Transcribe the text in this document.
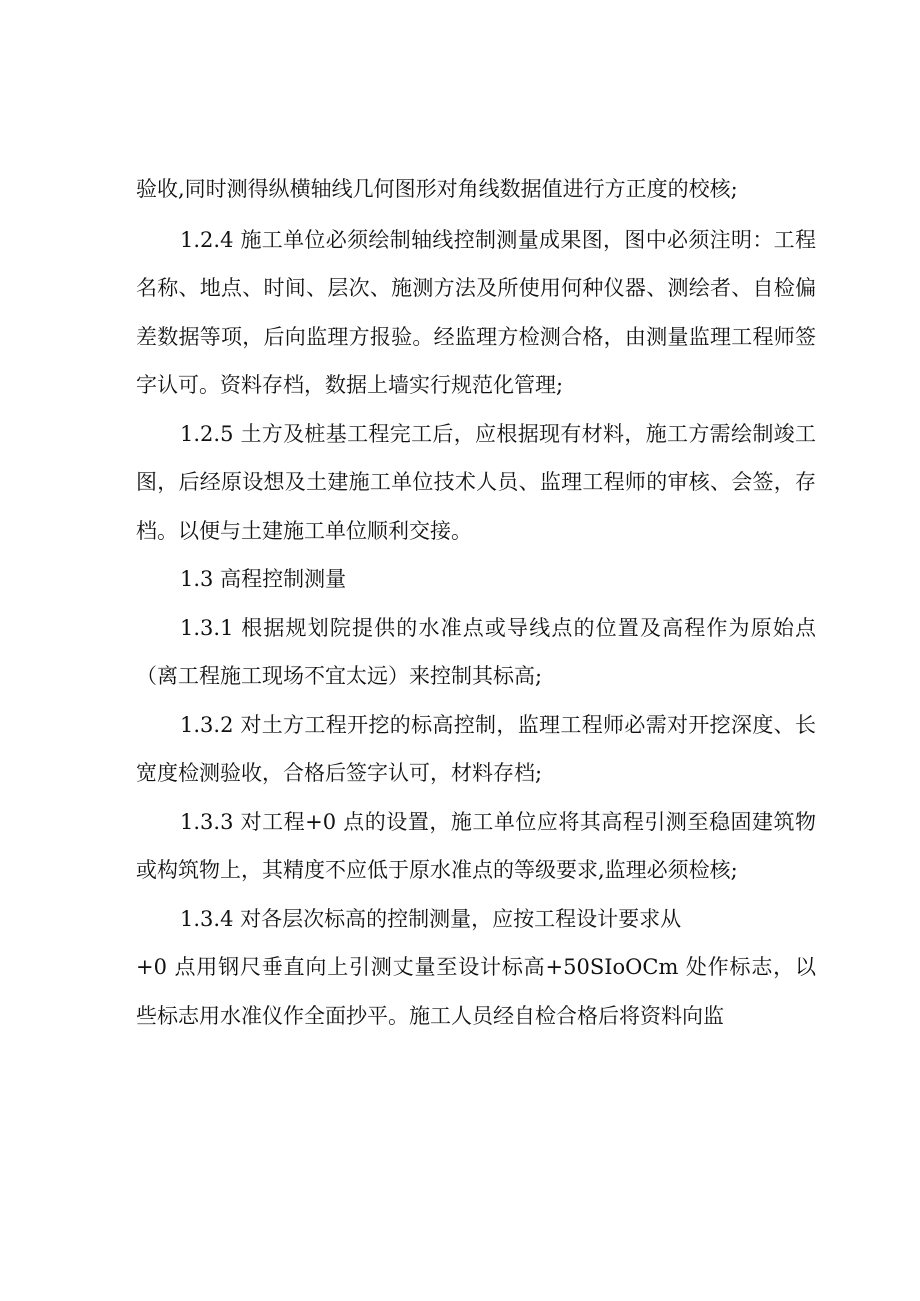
验收,同时测得纵横轴线几何图形对角线数据值进行方正度的校核;

1.2.4 施工单位必须绘制轴线控制测量成果图，图中必须注明：工程名称、地点、时间、层次、施测方法及所使用何种仪器、测绘者、自检偏差数据等项，后向监理方报验。经监理方检测合格，由测量监理工程师签字认可。资料存档，数据上墙实行规范化管理;

1.2.5 土方及桩基工程完工后，应根据现有材料，施工方需绘制竣工图，后经原设想及土建施工单位技术人员、监理工程师的审核、会签，存档。以便与土建施工单位顺利交接。

1.3 高程控制测量

1.3.1 根据规划院提供的水准点或导线点的位置及高程作为原始点（离工程施工现场不宜太远）来控制其标高;

1.3.2 对土方工程开挖的标高控制，监理工程师必需对开挖深度、长宽度检测验收，合格后签字认可，材料存档;

1.3.3 对工程+0 点的设置，施工单位应将其高程引测至稳固建筑物或构筑物上，其精度不应低于原水准点的等级要求,监理必须检核;

1.3.4 对各层次标高的控制测量，应按工程设计要求从

+0 点用钢尺垂直向上引测丈量至设计标高+50SIoOCm 处作标志，以些标志用水准仪作全面抄平。施工人员经自检合格后将资料向监
